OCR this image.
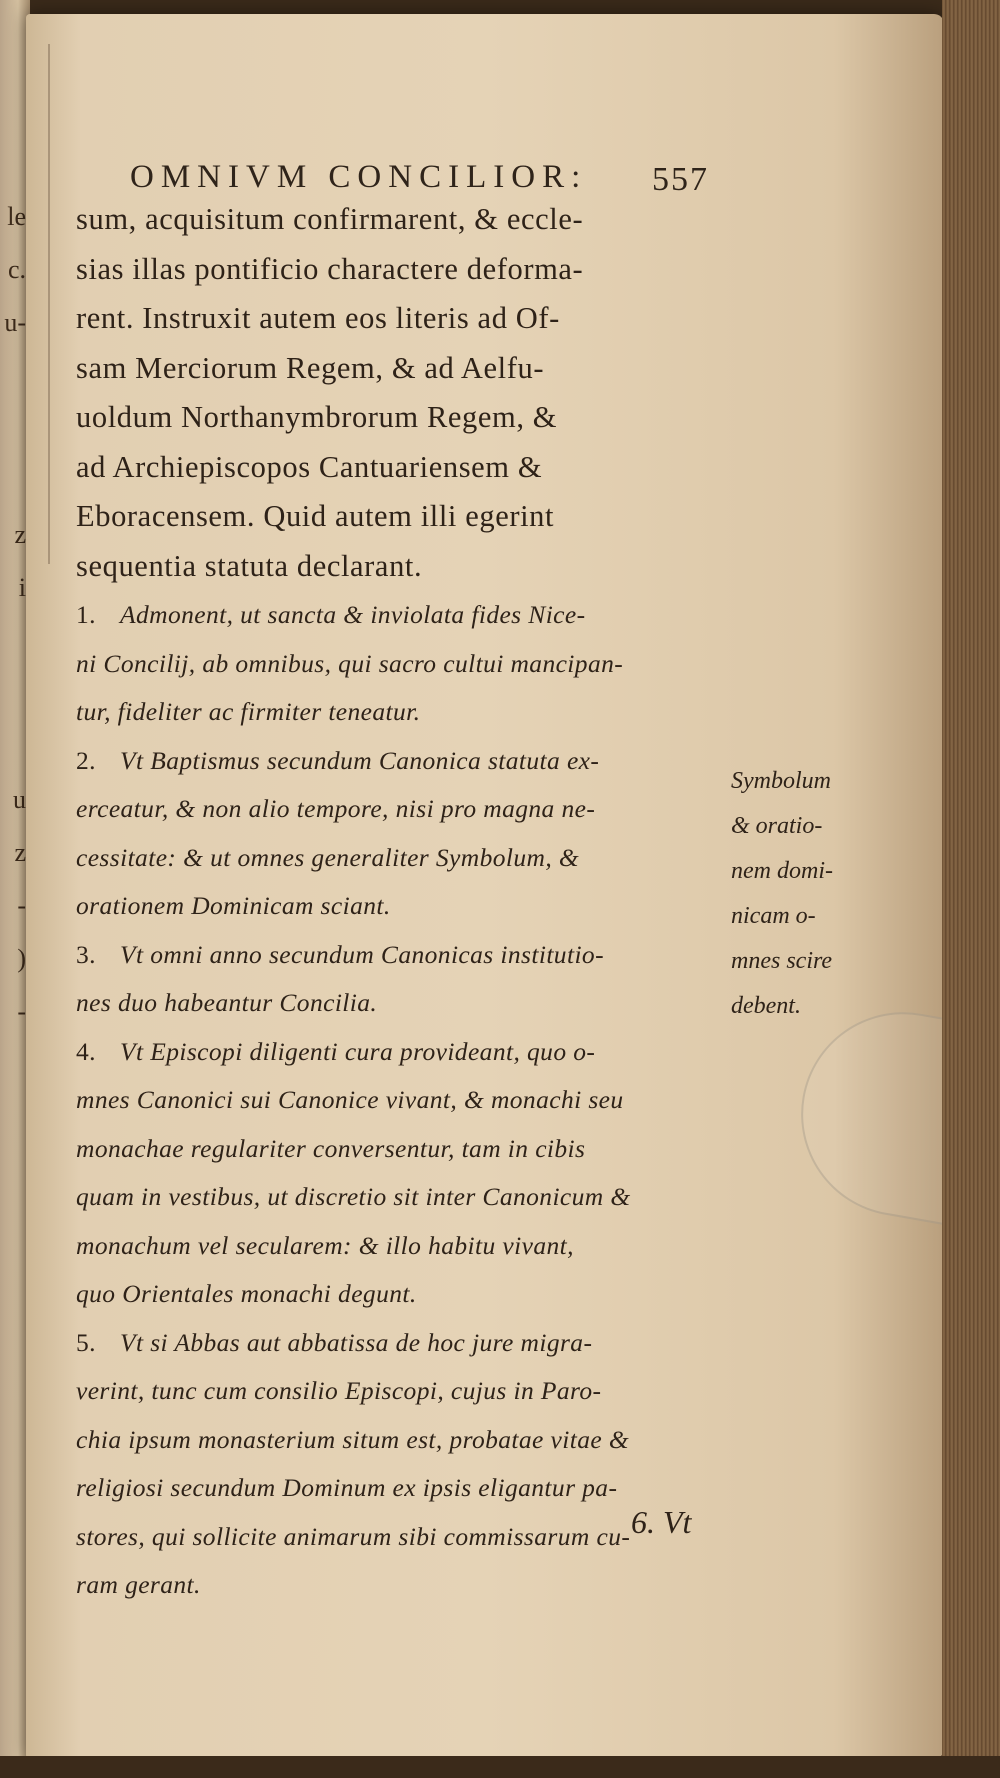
le
c.
u-

z
i

u
z
-
)
-
OMNIVM CONCILIOR: 557

sum, acquisitum confirmarent, & eccle-
sias illas pontificio charactere deforma-
rent. Instruxit autem eos literis ad Of-
sam Merciorum Regem, & ad Aelfu-
uoldum Northanymbrorum Regem, &
ad Archiepiscopos Cantuariensem &
Eboracensem. Quid autem illi egerint
sequentia statuta declarant.

1. Admonent, ut sancta & inviolata fides Nice-
ni Concilij, ab omnibus, qui sacro cultui mancipan-
tur, fideliter ac firmiter teneatur.
2. Vt Baptismus secundum Canonica statuta ex-
erceatur, & non alio tempore, nisi pro magna ne-
cessitate: & ut omnes generaliter Symbolum, &
orationem Dominicam sciant.
3. Vt omni anno secundum Canonicas institutio-
nes duo habeantur Concilia.
4. Vt Episcopi diligenti cura provideant, quo o-
mnes Canonici sui Canonice vivant, & monachi seu
monachae regulariter conversentur, tam in cibis
quam in vestibus, ut discretio sit inter Canonicum &
monachum vel secularem: & illo habitu vivant,
quo Orientales monachi degunt.
5. Vt si Abbas aut abbatissa de hoc jure migra-
verint, tunc cum consilio Episcopi, cujus in Paro-
chia ipsum monasterium situm est, probatae vitae &
religiosi secundum Dominum ex ipsis eligantur pa-
stores, qui sollicite animarum sibi commissarum cu-
ram gerant.
Symbolum
& oratio-
nem domi-
nicam o-
mnes scire
debent.
6. Vt
